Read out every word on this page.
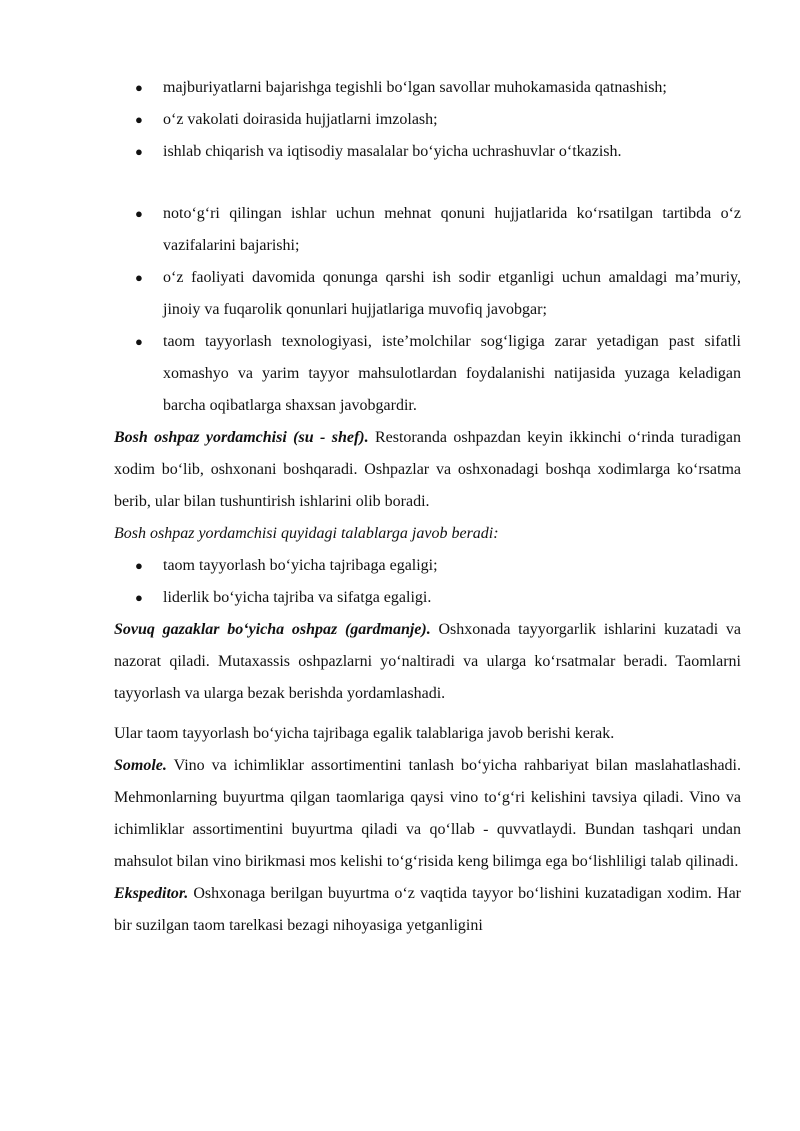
● majburiyatlarni bajarishga tegishli bo‘lgan savollar muhokamasida qatnashish;
● o‘z vakolati doirasida hujjatlarni imzolash;
● ishlab chiqarish va iqtisodiy masalalar bo‘yicha uchrashuvlar o‘tkazish.
● noto‘g‘ri qilingan ishlar uchun mehnat qonuni hujjatlarida ko‘rsatilgan tartibda o‘z vazifalarini bajarishi;
● o‘z faoliyati davomida qonunga qarshi ish sodir etganligi uchun amaldagi ma’muriy, jinoiy va fuqarolik qonunlari hujjatlariga muvofiq javobgar;
● taom tayyorlash texnologiyasi, iste’molchilar sog‘ligiga zarar yetadigan past sifatli xomashyo va yarim tayyor mahsulotlardan foydalanishi natijasida yuzaga keladigan barcha oqibatlarga shaxsan javobgardir.

Bosh oshpaz yordamchisi (su - shef). Restoranda oshpazdan keyin ikkinchi o‘rinda turadigan xodim bo‘lib, oshxonani boshqaradi. Oshpazlar va oshxonadagi boshqa xodimlarga ko‘rsatma berib, ular bilan tushuntirish ishlarini olib boradi.

Bosh oshpaz yordamchisi quyidagi talablarga javob beradi:

● taom tayyorlash bo‘yicha tajribaga egaligi;
● liderlik bo‘yicha tajriba va sifatga egaligi.

Sovuq gazaklar bo‘yicha oshpaz (gardmanje). Oshxonada tayyorgarlik ishlarini kuzatadi va nazorat qiladi. Mutaxassis oshpazlarni yo‘naltiradi va ularga ko‘rsatmalar beradi. Taomlarni tayyorlash va ularga bezak berishda yordamlashadi.

Ular taom tayyorlash bo‘yicha tajribaga egalik talablariga javob berishi kerak.

Somole. Vino va ichimliklar assortimentini tanlash bo‘yicha rahbariyat bilan maslahatlashadi. Mehmonlarning buyurtma qilgan taomlariga qaysi vino to‘g‘ri kelishini tavsiya qiladi. Vino va ichimliklar assortimentini buyurtma qiladi va qo‘llab - quvvatlaydi. Bundan tashqari undan mahsulot bilan vino birikmasi mos kelishi to‘g‘risida keng bilimga ega bo‘lishliligi talab qilinadi.

Ekspeditor. Oshxonaga berilgan buyurtma o‘z vaqtida tayyor bo‘lishini kuzatadigan xodim. Har bir suzilgan taom tarelkasi bezagi nihoyasiga yetganligini
